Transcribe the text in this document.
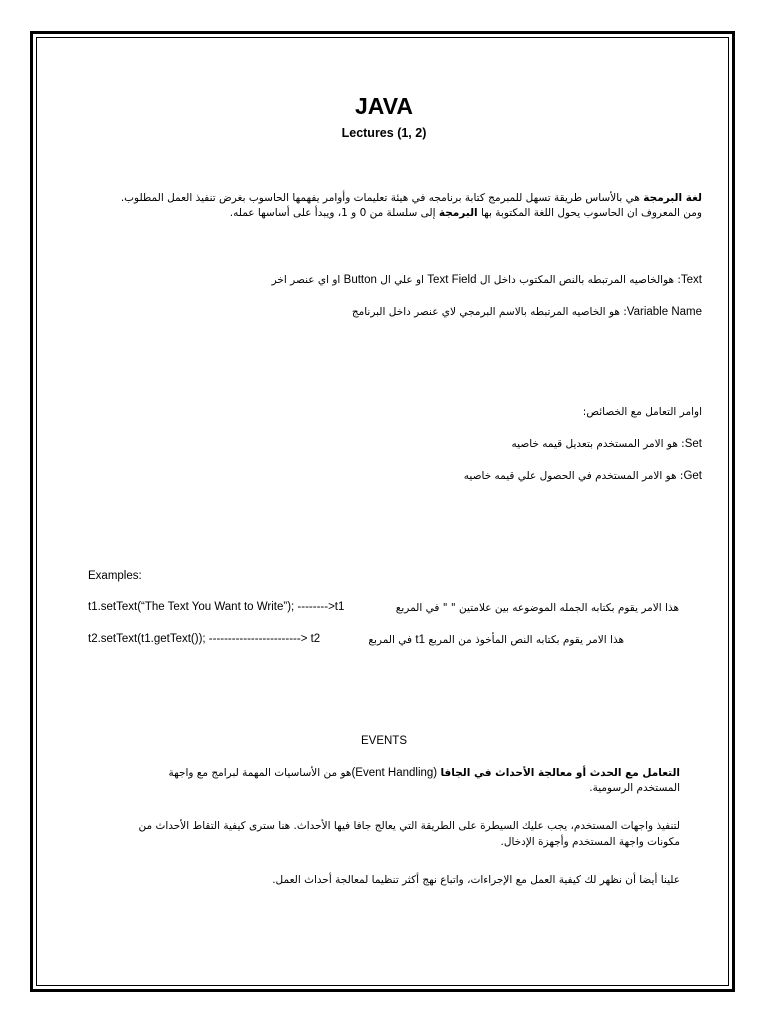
JAVA
Lectures (1, 2)
لغة البرمجة هي بالأساس طريقة تسهل للمبرمج كتابة برنامجه في هيئة تعليمات وأوامر يفهمها الحاسوب بغرض تنفيذ العمل المطلوب.
ومن المعروف ان الحاسوب يحول اللغة المكتوبة بها البرمجة إلى سلسلة من 0 و 1، ويبدأ على أساسها عمله.
Text: هوالخاصيه المرتبطه بالنص المكتوب داخل ال Text Field او علي ال Button او اي عنصر اخر
Variable Name: هو الخاصيه المرتبطه بالاسم البرمجي لاي عنصر داخل البرنامج
اوامر التعامل مع الخصائص:
Set: هو الامر المستخدم بتعديل قيمه خاصيه
Get: هو الامر المستخدم في الحصول علي قيمه خاصيه
Examples:
t1.setText(“The Text You Want to Write”); -------->t1	هذا الامر يقوم بكتابه الجمله الموضوعه بين علامتين " " في المربع
t2.setText(t1.getText()); ------------------------> t2	هذا الامر يقوم بكتابه النص المأخوذ من المربع t1 في المربع
EVENTS
التعامل مع الحدث أو معالجة الأحداث في الجافا (Event Handling)هو من الأساسيات المهمة لبرامج مع واجهة
المستخدم الرسومية.
لتنفيذ واجهات المستخدم، يجب عليك السيطرة على الطريقة التي يعالج جافا فيها الأحداث. هنا سترى كيفية التقاط الأحداث من
مكونات واجهة المستخدم وأجهزة الإدخال.
علينا أيضا أن نظهر لك كيفية العمل مع الإجراءات، واتباع نهج أكثر تنظيما لمعالجة أحداث العمل.
